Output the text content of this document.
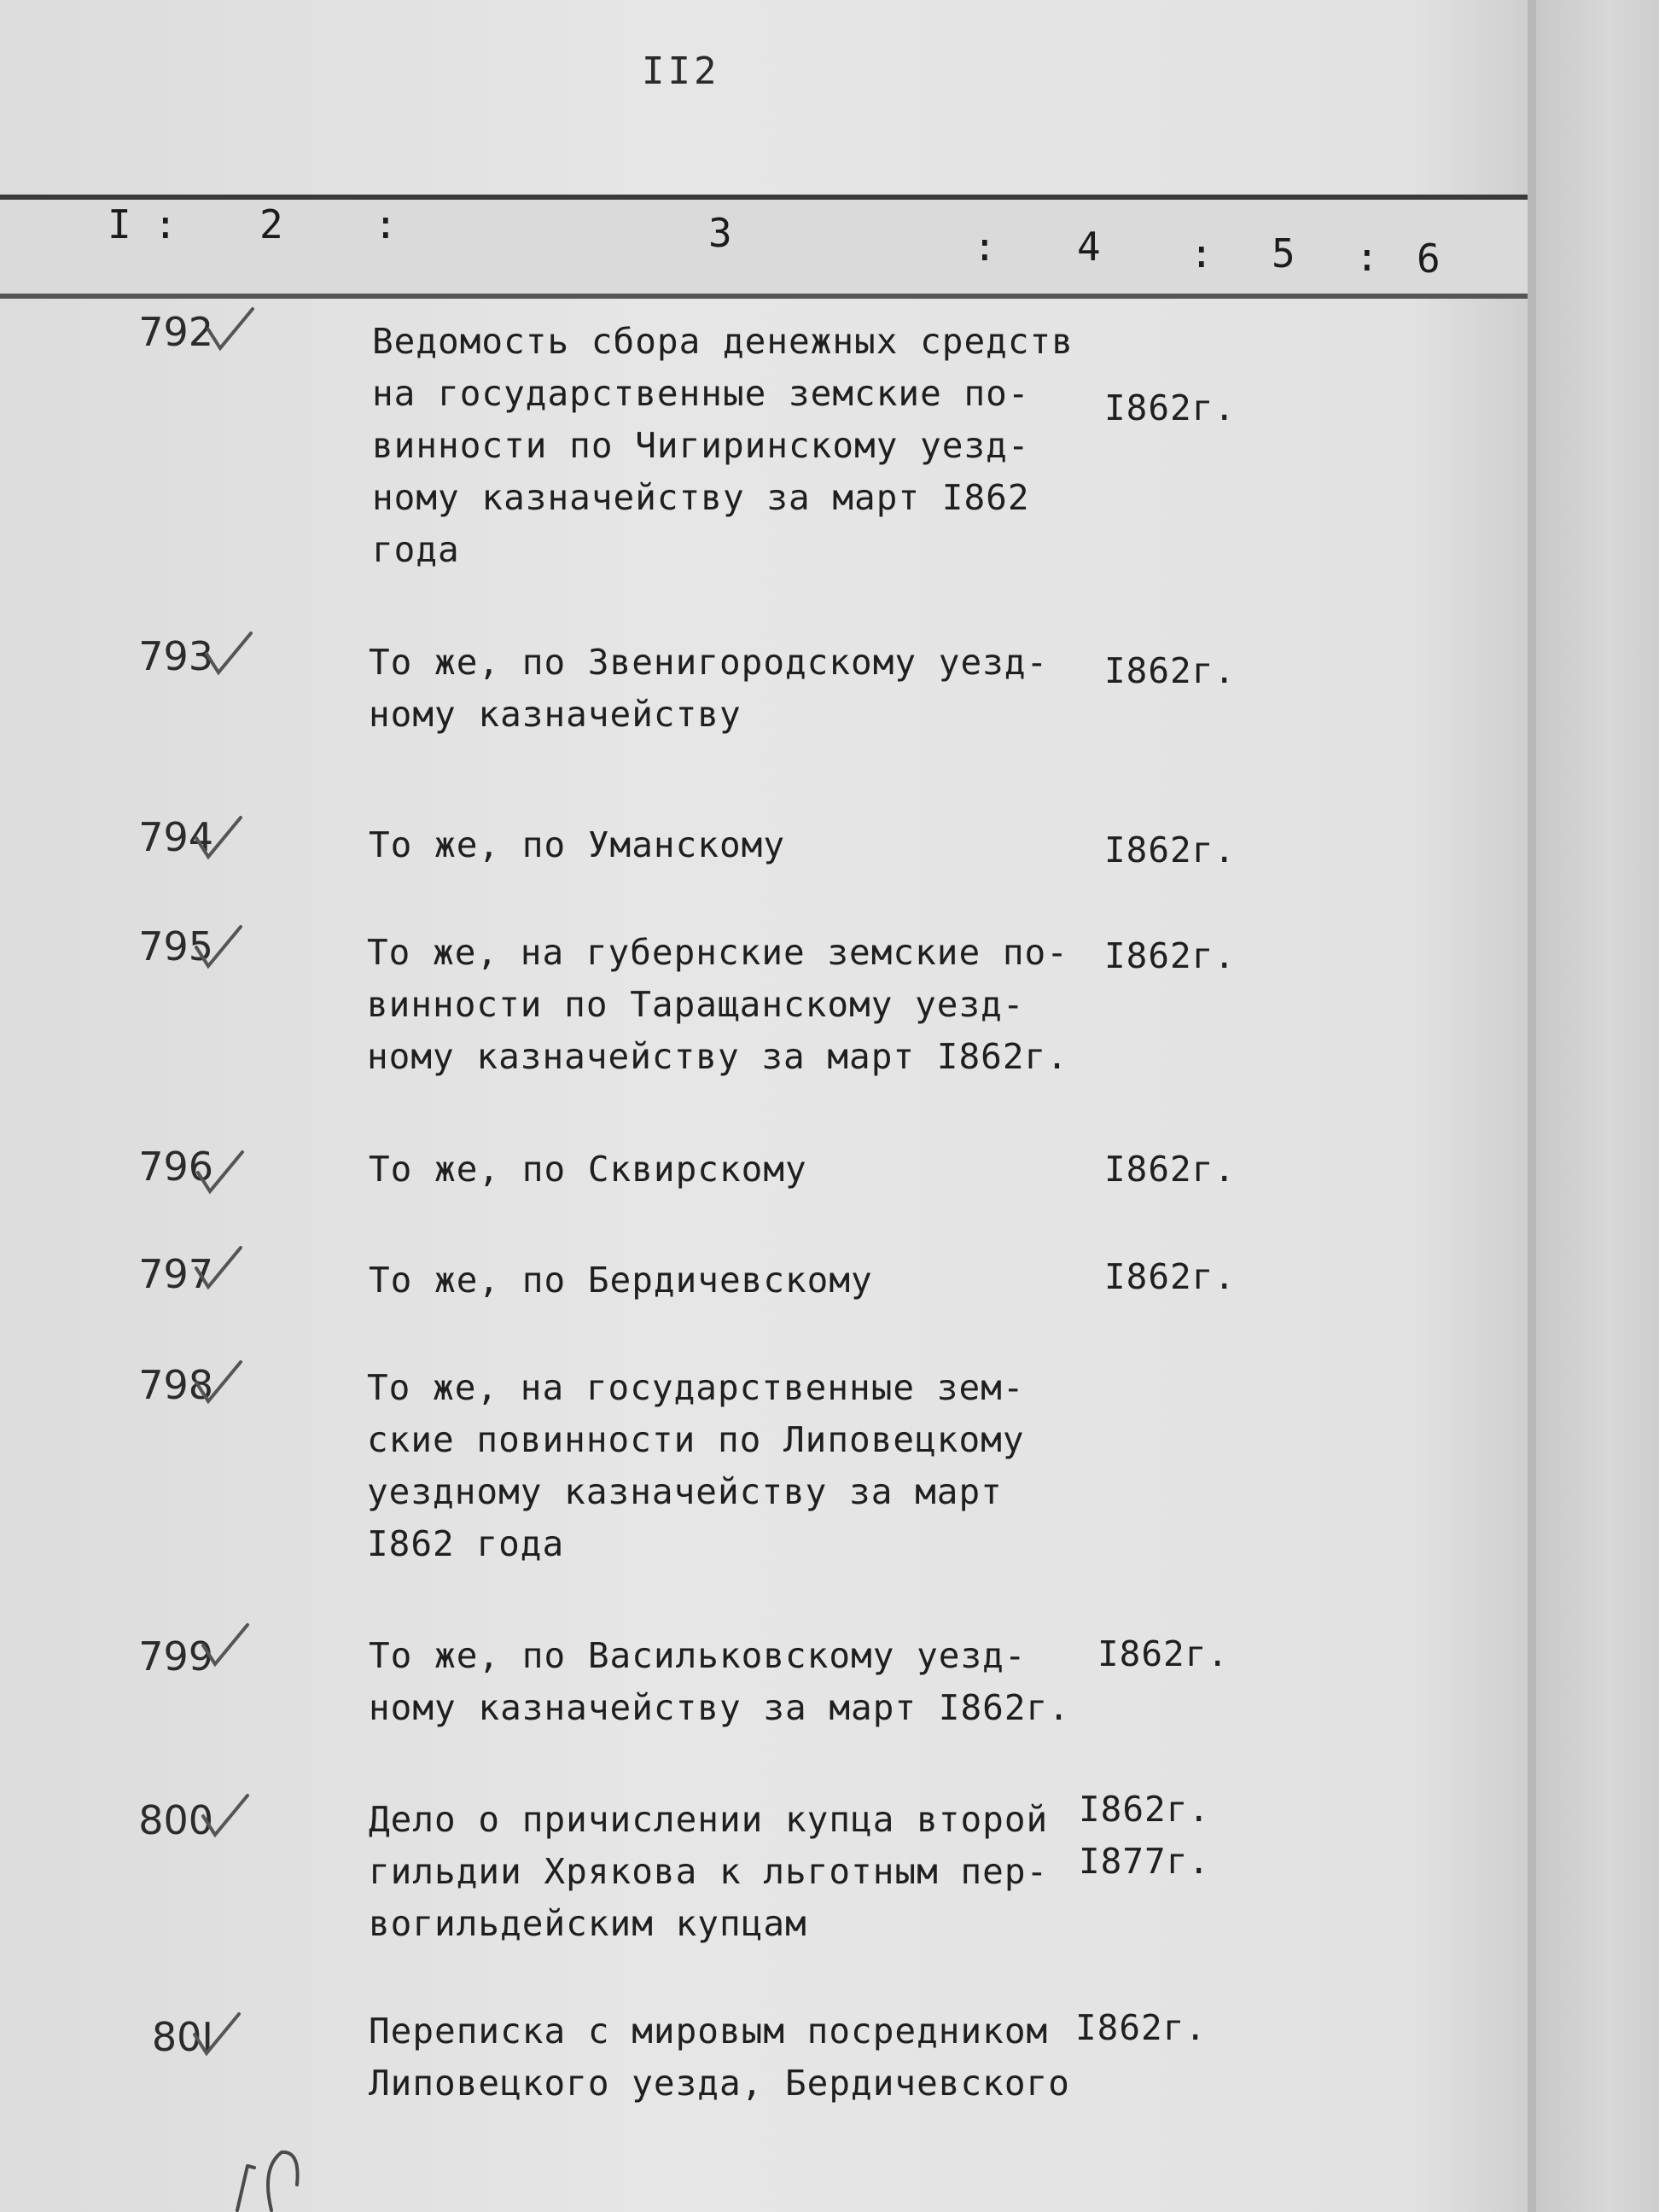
II2
I : 2 :	3	: 4 : 5 : 6
792	Ведомость сбора денежных средств
на государственные земские по-
винности по Чигиринскому уезд-
ному казначейству за март I862
года
I862г.
793	То же, по Звенигородскому уезд-
ному казначейству
I862г.
794	То же, по Уманскому	I862г.
795	То же, на губернские земские по-
винности по Таращанскому уезд-
ному казначейству за март I862г.
I862г.
796	То же, по Сквирскому	I862г.
797	То же, по Бердичевскому	I862г.
798	То же, на государственные зем-
ские повинности по Липовецкому
уездному казначейству за март
I862 года
799	То же, по Васильковскому уезд-
ному казначейству за март I862г.
I862г.
800	Дело о причислении купца второй
гильдии Хрякова к льготным пер-
вогильдейским купцам
I862г.
I877г.
80I	Переписка с мировым посредником
Липовецкого уезда, Бердичевского
I862г.
